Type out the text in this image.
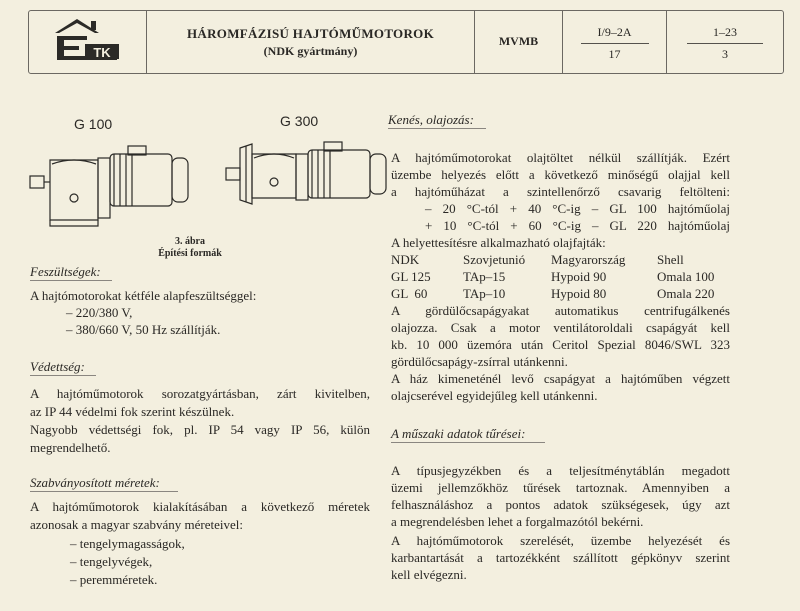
TK
HÁROMFÁZISÚ HAJTÓMŰMOTOROK
(NDK gyártmány)
MVMB
I/9–2A
17
1–23
3
G 100	G 300
3. ábra
Építési formák
Feszültségek:
A hajtómotorokat kétféle alapfeszültséggel:
– 220/380 V,
– 380/660 V, 50 Hz szállítják.
Védettség:
A hajtóműmotorok sorozatgyártásban, zárt kivitelben,
az IP 44 védelmi fok szerint készülnek.
Nagyobb védettségi fok, pl. IP 54 vagy IP 56, külön
megrendelhető.
Szabványosított méretek:
A hajtóműmotorok kialakításában a következő méretek
azonosak a magyar szabvány méreteivel:
– tengelymagasságok,
– tengelyvégek,
– peremméretek.
Kenés, olajozás:
A hajtóműmotorokat olajtöltet nélkül szállítják. Ezért
üzembe helyezés előtt a következő minőségű olajjal kell
a hajtóműházat a szintellenőrző csavarig feltölteni:
– 20 °C-tól + 40 °C-ig – GL 100 hajtóműolaj
+ 10 °C-tól + 60 °C-ig – GL 220 hajtóműolaj
A helyettesítésre alkalmazható olajfajták:
NDK	Szovjetunió Magyarország Shell
GL 125 TAp–15	Hypoid 90	Omala 100
GL  60	TAp–10	Hypoid 80	Omala 220
A gördülőcsapágyakat automatikus centrifugálkenés
olajozza. Csak a motor ventilátoroldali csapágyát kell
kb. 10 000 üzemóra után Ceritol Spezial 8046/SWL 323
gördülőcsapágy-zsírral utánkenni.
A ház kimeneténél levő csapágyat a hajtóműben végzett
olajcserével egyidejűleg kell utánkenni.
A műszaki adatok tűrései:
A típusjegyzékben és a teljesítménytáblán megadott
üzemi jellemzőkhöz tűrések tartoznak. Amennyiben a
felhasználáshoz a pontos adatok szükségesek, úgy azt
a megrendelésben lehet a forgalmazótól bekérni.
A hajtóműmotorok szerelését, üzembe helyezését és
karbantartását a tartozékként szállított gépkönyv szerint
kell elvégezni.
